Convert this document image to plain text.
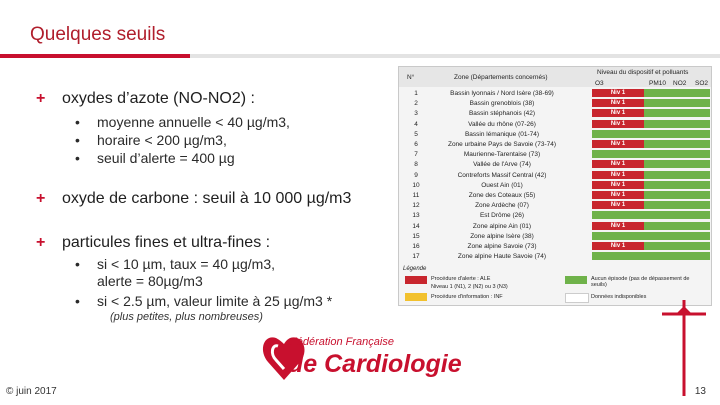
Quelques seuils
+ oxydes d’azote (NO-NO2) :
• moyenne annuelle < 40 µg/m3,
• horaire < 200 µg/m3,
• seuil d’alerte = 400 µg
+ oxyde de carbone : seuil à 10 000 µg/m3
+ particules fines et ultra-fines :
• si < 10 µm, taux = 40 µg/m3,
alerte = 80µg/m3
• si < 2.5 µm, valeur limite à 25 µg/m3 *
(plus petites, plus nombreuses)
N°	Zone (Départements concernés)
Niveau du dispositif et polluants
O3	PM10 NO2 SO2
1	Bassin lyonnais / Nord Isère (38-69)	Niv 1
2	Bassin grenoblois (38)	Niv 1
3	Bassin stéphanois (42)	Niv 1
4	Vallée du rhône (07-26)	Niv 1
5	Bassin lémanique (01-74)
6	Zone urbaine Pays de Savoie (73-74)	Niv 1
7	Maurienne-Tarentaise (73)
8	Vallée de l'Arve (74)	Niv 1
9	Contreforts Massif Central (42)	Niv 1
10	Ouest Ain (01)	Niv 1
11	Zone des Coteaux (55)	Niv 1
12	Zone Ardèche (07)	Niv 1
13	Est Drôme (26)
14	Zone alpine Ain (01)	Niv 1
15	Zone alpine Isère (38)
16	Zone alpine Savoie (73)	Niv 1
17	Zone alpine Haute Savoie (74)
Légende
Procédure d'alerte : ALE
Niveau 1 (N1), 2 (N2) ou 3 (N3)
Procédure d'information : INF
Aucun épisode (pas de dépassement de seuils)
Données indisponibles
Fédération Française
de Cardiologie
© juin 2017	13
